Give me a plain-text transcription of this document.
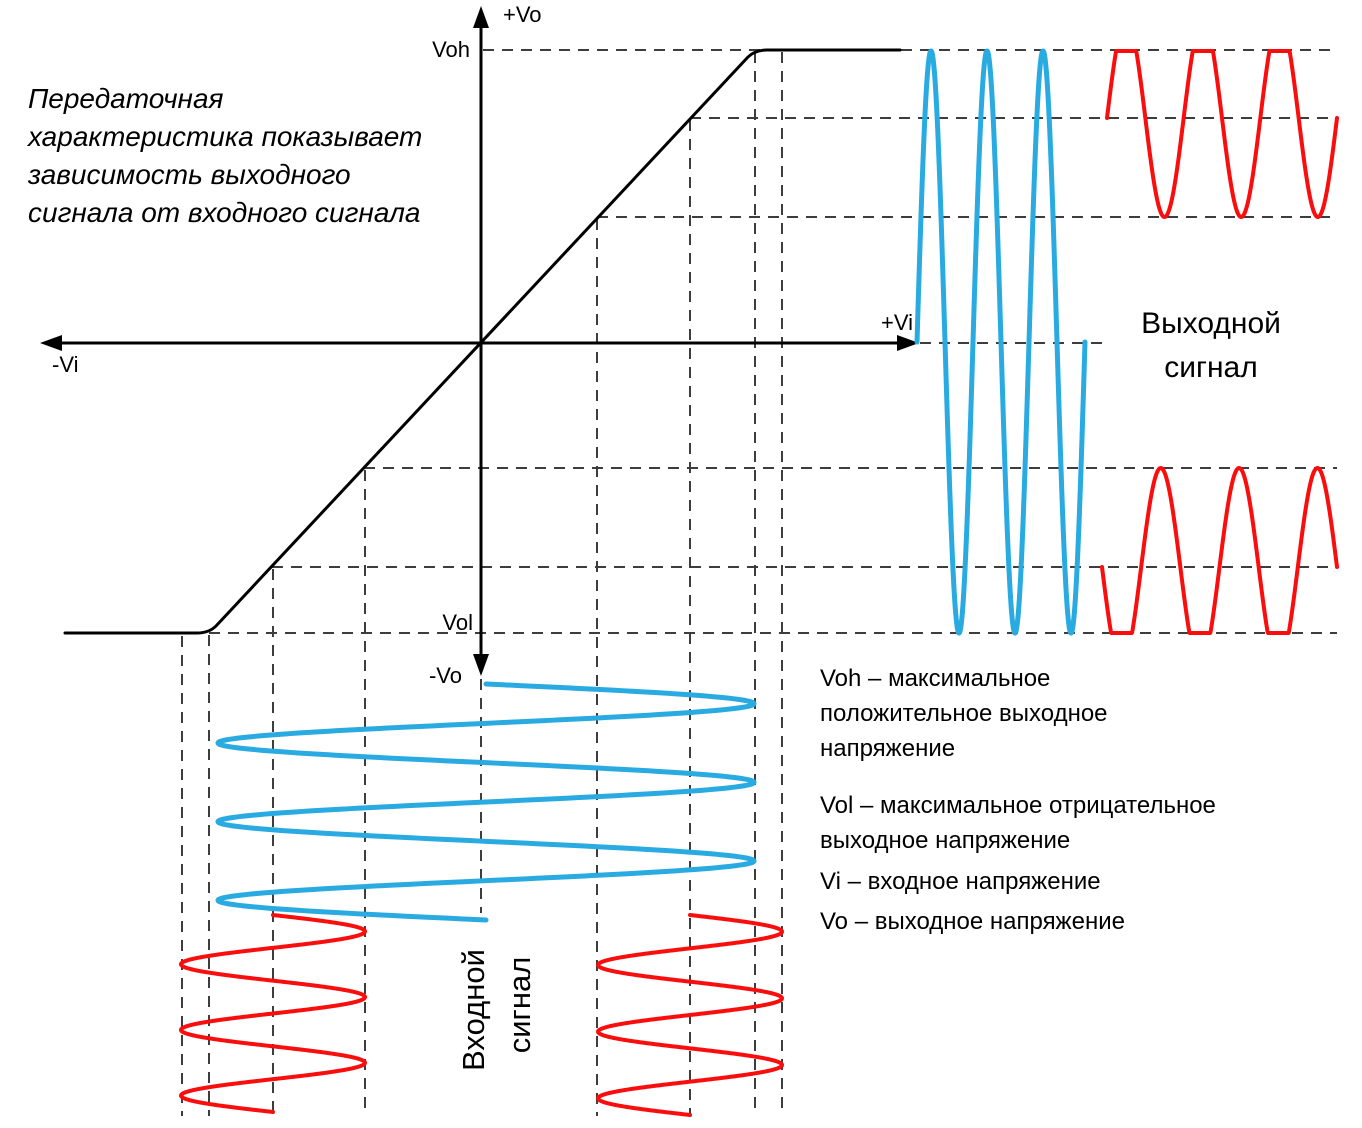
+Vo
Voh
-Vi
+Vi
Vol
-Vo
Передаточная
характеристика показывает
зависимость выходного
сигнала от входного сигнала
Выходной
сигнал
Входной сигнал
Voh – максимальное
положительное выходное
напряжение
Vol – максимальное отрицательное
выходное напряжение
Vi – входное напряжение
Vo – выходное напряжение
